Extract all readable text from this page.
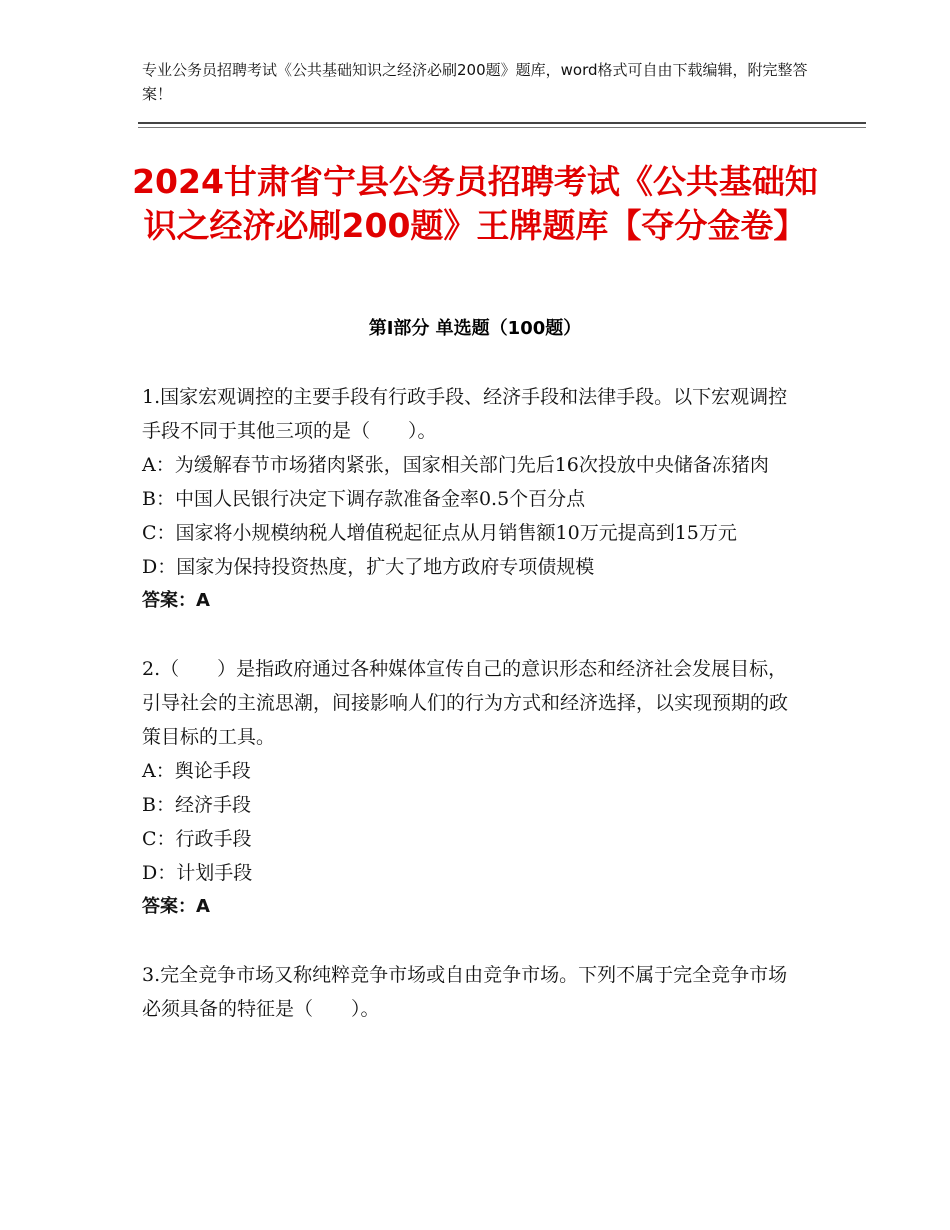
专业公务员招聘考试《公共基础知识之经济必刷200题》题库，word格式可自由下载编辑，附完整答案！
2024甘肃省宁县公务员招聘考试《公共基础知识之经济必刷200题》王牌题库【夺分金卷】
第Ⅰ部分 单选题（100题）

1.国家宏观调控的主要手段有行政手段、经济手段和法律手段。以下宏观调控手段不同于其他三项的是（　　）。

A：为缓解春节市场猪肉紧张，国家相关部门先后16次投放中央储备冻猪肉

B：中国人民银行决定下调存款准备金率0.5个百分点

C：国家将小规模纳税人增值税起征点从月销售额10万元提高到15万元

D：国家为保持投资热度，扩大了地方政府专项债规模

答案：A

2.（　　）是指政府通过各种媒体宣传自己的意识形态和经济社会发展目标，引导社会的主流思潮，间接影响人们的行为方式和经济选择，以实现预期的政策目标的工具。

A：舆论手段

B：经济手段

C：行政手段

D：计划手段

答案：A

3.完全竞争市场又称纯粹竞争市场或自由竞争市场。下列不属于完全竞争市场必须具备的特征是（　　）。
